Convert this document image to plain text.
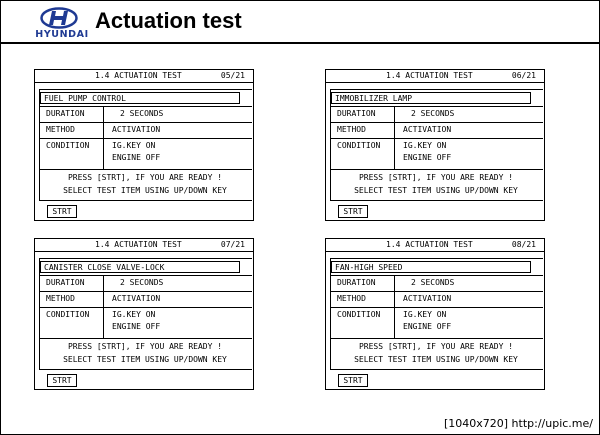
HYUNDAI
Actuation test
1.4 ACTUATION TEST	05/21
FUEL PUMP CONTROL
DURATION	2 SECONDS
METHOD	ACTIVATION
CONDITION	IG.KEY ON
ENGINE OFF
PRESS [STRT], IF YOU ARE READY !
SELECT TEST ITEM USING UP/DOWN KEY
STRT
1.4 ACTUATION TEST	06/21
IMMOBILIZER LAMP
DURATION	2 SECONDS
METHOD	ACTIVATION
CONDITION	IG.KEY ON
ENGINE OFF
PRESS [STRT], IF YOU ARE READY !
SELECT TEST ITEM USING UP/DOWN KEY
STRT
1.4 ACTUATION TEST	07/21
CANISTER CLOSE VALVE-LOCK
DURATION	2 SECONDS
METHOD	ACTIVATION
CONDITION	IG.KEY ON
ENGINE OFF
PRESS [STRT], IF YOU ARE READY !
SELECT TEST ITEM USING UP/DOWN KEY
STRT
1.4 ACTUATION TEST	08/21
FAN-HIGH SPEED
DURATION	2 SECONDS
METHOD	ACTIVATION
CONDITION	IG.KEY ON
ENGINE OFF
PRESS [STRT], IF YOU ARE READY !
SELECT TEST ITEM USING UP/DOWN KEY
STRT
[1040x720] http://upic.me/
